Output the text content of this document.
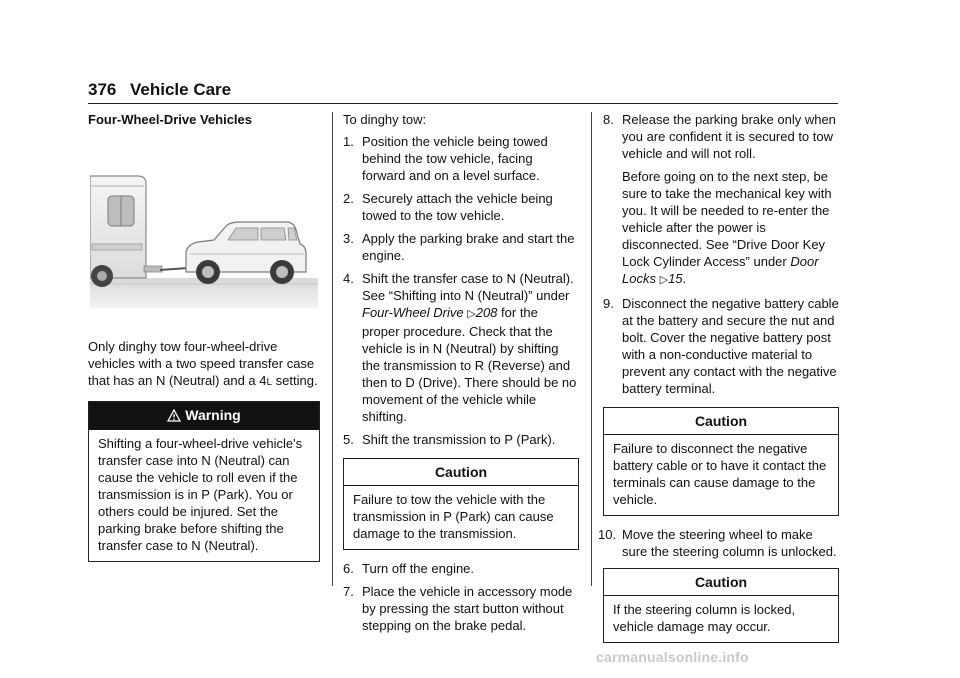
376 Vehicle Care
Four-Wheel-Drive Vehicles

Only dinghy tow four-wheel-drive vehicles with a two speed transfer case that has an N (Neutral) and a 4L setting.

Warning
Shifting a four-wheel-drive vehicle's transfer case into N (Neutral) can cause the vehicle to roll even if the transmission is in P (Park). You or others could be injured. Set the parking brake before shifting the transfer case to N (Neutral).

To dinghy tow:

1. Position the vehicle being towed behind the tow vehicle, facing forward and on a level surface.
2. Securely attach the vehicle being towed to the tow vehicle.
3. Apply the parking brake and start the engine.
4. Shift the transfer case to N (Neutral). See “Shifting into N (Neutral)” under Four-Wheel Drive ▷208 for the proper procedure. Check that the vehicle is in N (Neutral) by shifting the transmission to R (Reverse) and then to D (Drive). There should be no movement of the vehicle while shifting.
5. Shift the transmission to P (Park).
Caution
Failure to tow the vehicle with the transmission in P (Park) can cause damage to the transmission.
6. Turn off the engine.
7. Place the vehicle in accessory mode by pressing the start button without stepping on the brake pedal.
8. Release the parking brake only when you are confident it is secured to tow vehicle and will not roll.
Before going on to the next step, be sure to take the mechanical key with you. It will be needed to re-enter the vehicle after the power is disconnected. See “Drive Door Key Lock Cylinder Access” under Door Locks ▷15.
9. Disconnect the negative battery cable at the battery and secure the nut and bolt. Cover the negative battery post with a non-conductive material to prevent any contact with the negative battery terminal.
Caution
Failure to disconnect the negative battery cable or to have it contact the terminals can cause damage to the vehicle.
10. Move the steering wheel to make sure the steering column is unlocked.
Caution
If the steering column is locked, vehicle damage may occur.
carmanualsonline.info
